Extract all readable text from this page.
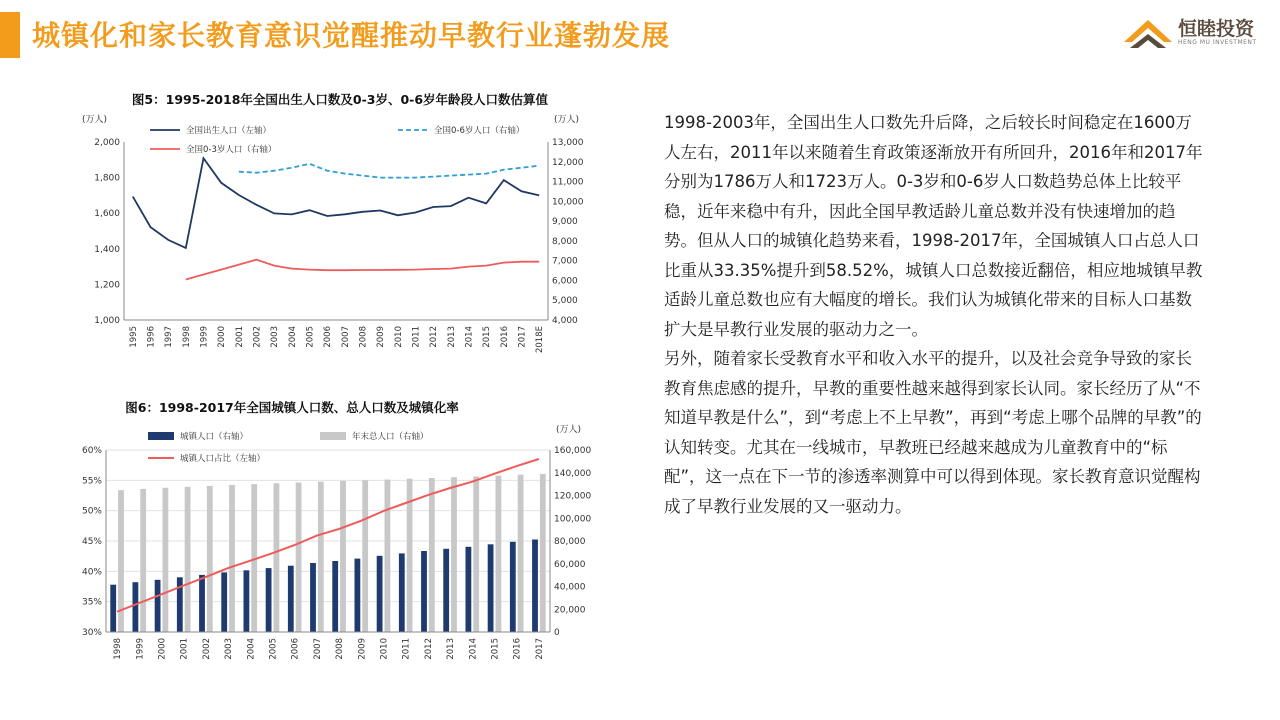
城镇化和家长教育意识觉醒推动早教行业蓬勃发展	恒睦投资
HENG MU INVESTMENT
图5：1995-2018年全国出生人口数及0-3岁、0-6岁年龄段人口数估算值
(万人)	(万人)
1,000
1,200
1,400
1,600
1,800
2,000
4,000
5,000
6,000
7,000
8,000
9,000
10,000
11,000
12,000
13,000
1995 1996 1997 1998 1999 2000 2001 2002 2003 2004 2005 2006 2007 2008 2009 2010 2011 2012 2013 2014 2015 2016 2017 2018E
全国出生人口（左轴）	全国0-6岁人口（右轴）
全国0-3岁人口（右轴）
图6：1998-2017年全国城镇人口数、总人口数及城镇化率
(万人)
30%
35%
40%
45%
50%
55%
60%
0
20,000
40,000
60,000
80,000
100,000
120,000
140,000
160,000
1998 1999 2000 2001 2002 2003 2004 2005 2006 2007 2008 2009 2010 2011 2012 2013 2014 2015 2016 2017
城镇人口（右轴）	年末总人口（右轴）
城镇人口占比（左轴）

1998-2003年，全国出生人口数先升后降，之后较长时间稳定在1600万人左右，2011年以来随着生育政策逐渐放开有所回升，2016年和2017年分别为1786万人和1723万人。0-3岁和0-6岁人口数趋势总体上比较平稳，近年来稳中有升，因此全国早教适龄儿童总数并没有快速增加的趋势。但从人口的城镇化趋势来看，1998-2017年，全国城镇人口占总人口比重从33.35%提升到58.52%，城镇人口总数接近翻倍，相应地城镇早教适龄儿童总数也应有大幅度的增长。我们认为城镇化带来的目标人口基数扩大是早教行业发展的驱动力之一。

另外，随着家长受教育水平和收入水平的提升，以及社会竞争导致的家长教育焦虑感的提升，早教的重要性越来越得到家长认同。家长经历了从“不知道早教是什么”，到“考虑上不上早教”，再到“考虑上哪个品牌的早教”的认知转变。尤其在一线城市，早教班已经越来越成为儿童教育中的“标配”，这一点在下一节的渗透率测算中可以得到体现。家长教育意识觉醒构成了早教行业发展的又一驱动力。
